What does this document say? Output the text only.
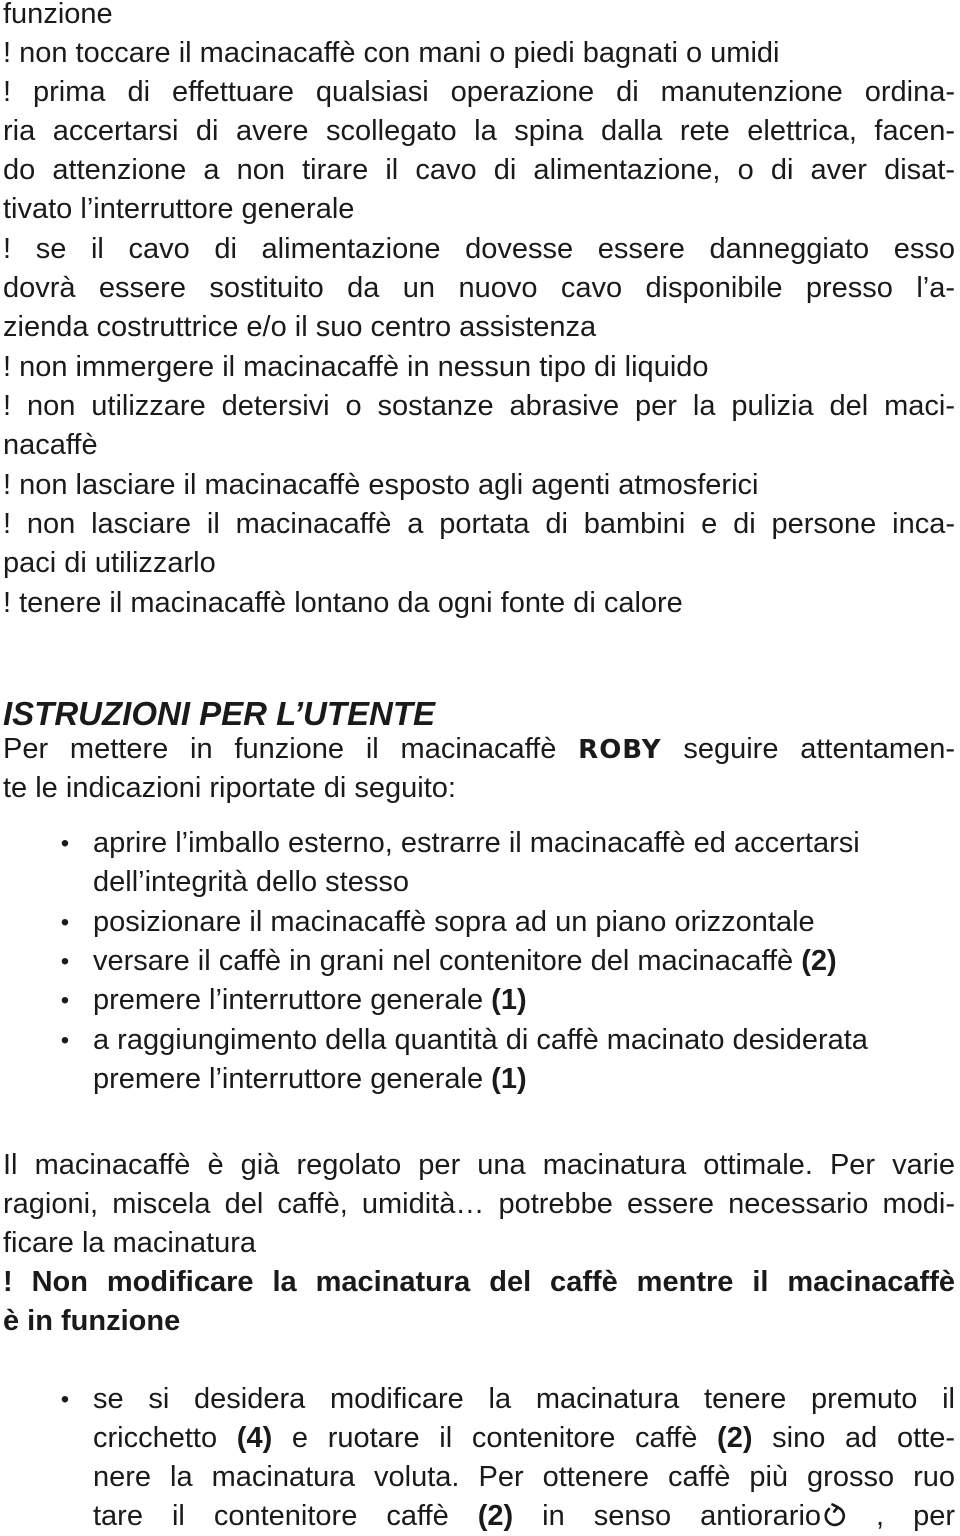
funzione
! non toccare il macinacaffè con mani o piedi bagnati o umidi
! prima di effettuare qualsiasi operazione di manutenzione ordina-
ria accertarsi di avere scollegato la spina dalla rete elettrica, facen-
do attenzione a non tirare il cavo di alimentazione, o di aver disat-
tivato l’interruttore generale
! se il cavo di alimentazione dovesse essere danneggiato esso
dovrà essere sostituito da un nuovo cavo disponibile presso l’a-
zienda costruttrice e/o il suo centro assistenza
! non immergere il macinacaffè in nessun tipo di liquido
! non utilizzare detersivi o sostanze abrasive per la pulizia del maci-
nacaffè
! non lasciare il macinacaffè esposto agli agenti atmosferici
! non lasciare il macinacaffè a portata di bambini e di persone inca-
paci di utilizzarlo
! tenere il macinacaffè lontano da ogni fonte di calore
ISTRUZIONI PER L’UTENTE
Per mettere in funzione il macinacaffè ROBY seguire attentamen-
te le indicazioni riportate di seguito:
• aprire l’imballo esterno, estrarre il macinacaffè ed accertarsi
dell’integrità dello stesso
• posizionare il macinacaffè sopra ad un piano orizzontale
• versare il caffè in grani nel contenitore del macinacaffè (2)
• premere l’interruttore generale (1)
• a raggiungimento della quantità di caffè macinato desiderata
premere l’interruttore generale (1)
Il macinacaffè è già regolato per una macinatura ottimale. Per varie
ragioni, miscela del caffè, umidità… potrebbe essere necessario modi-
ficare la macinatura
! Non modificare la macinatura del caffè mentre il macinacaffè
è in funzione
• se si desidera modificare la macinatura tenere premuto il
cricchetto (4) e ruotare il contenitore caffè (2) sino ad otte-
nere la macinatura voluta. Per ottenere caffè più grosso ruo
tare il contenitore caffè (2) in senso antiorario , per
